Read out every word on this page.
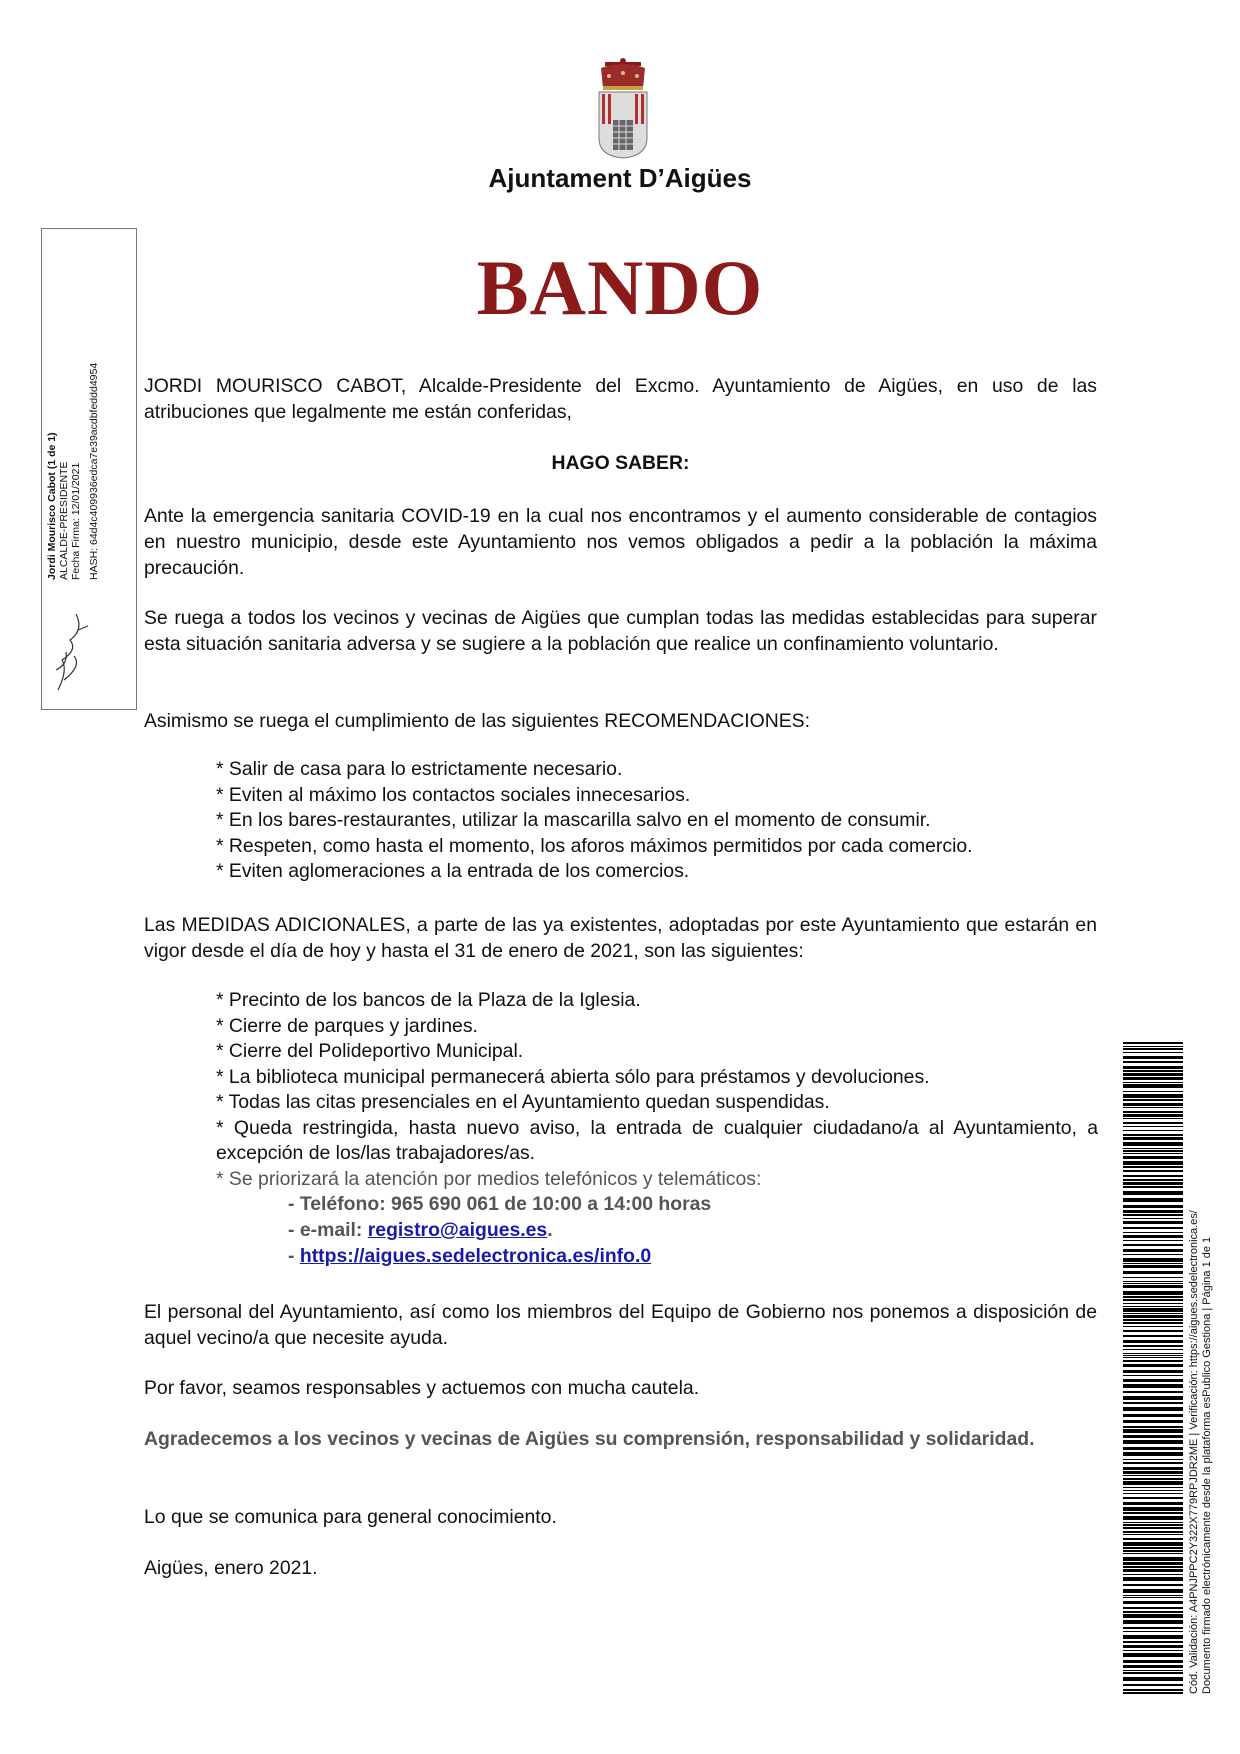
Ajuntament D’Aigües
BANDO
Jordi Mourisco Cabot (1 de 1) ALCALDE-PRESIDENTE Fecha Firma: 12/01/2021 HASH: 64d4c409936edca7e39acdbfeddd4954 JORDI MOURISCO CABOT, Alcalde-Presidente del Excmo. Ayuntamiento de Aigües, en uso de las atribuciones que legalmente me están conferidas,
HAGO SABER:
Ante la emergencia sanitaria COVID-19 en la cual nos encontramos y el aumento considerable de contagios en nuestro municipio, desde este Ayuntamiento nos vemos obligados a pedir a la población la máxima precaución.
Se ruega a todos los vecinos y vecinas de Aigües que cumplan todas las medidas establecidas para superar esta situación sanitaria adversa y se sugiere a la población que realice un confinamiento voluntario.
Asimismo se ruega el cumplimiento de las siguientes RECOMENDACIONES:
* Salir de casa para lo estrictamente necesario.
* Eviten al máximo los contactos sociales innecesarios.
* En los bares-restaurantes, utilizar la mascarilla salvo en el momento de consumir.
* Respeten, como hasta el momento, los aforos máximos permitidos por cada comercio.
* Eviten aglomeraciones a la entrada de los comercios.
Las MEDIDAS ADICIONALES, a parte de las ya existentes, adoptadas por este Ayuntamiento que estarán en vigor desde el día de hoy y hasta el 31 de enero de 2021, son las siguientes:
* Precinto de los bancos de la Plaza de la Iglesia.
* Cierre de parques y jardines.
* Cierre del Polideportivo Municipal.
* La biblioteca municipal permanecerá abierta sólo para préstamos y devoluciones.
* Todas las citas presenciales en el Ayuntamiento quedan suspendidas.
* Queda restringida, hasta nuevo aviso, la entrada de cualquier ciudadano/a al Ayuntamiento, a excepción de los/las trabajadores/as.
* Se priorizará la atención por medios telefónicos y telemáticos:
- Teléfono: 965 690 061 de 10:00 a 14:00 horas
- e-mail: registro@aigues.es.
- https://aigues.sedelectronica.es/info.0
El personal del Ayuntamiento, así como los miembros del Equipo de Gobierno nos ponemos a disposición de aquel vecino/a que necesite ayuda.
Por favor, seamos responsables y actuemos con mucha cautela.
Agradecemos a los vecinos y vecinas de Aigües su comprensión, responsabilidad y solidaridad.
Lo que se comunica para general conocimiento.
Aigües, enero 2021.	Cód. Validación: A4PNJPPC2Y322X779RPJDR2ME | Verificación: https://aigues.sedelectronica.es/ Documento firmado electrónicamente desde la plataforma esPublico Gestiona | Página 1 de 1
